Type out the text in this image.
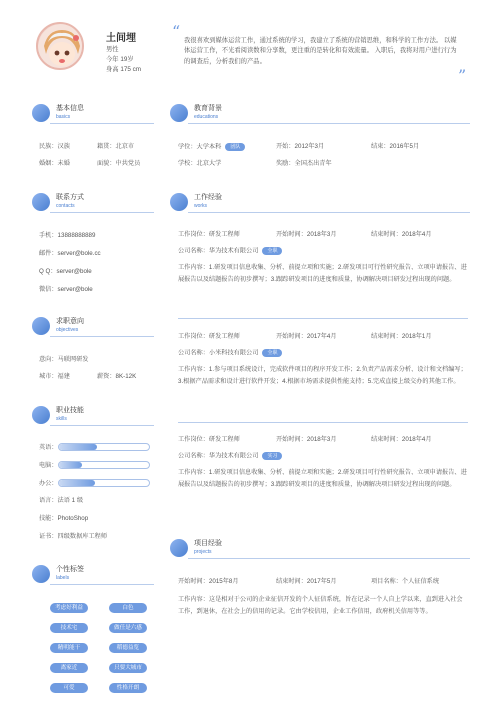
土间埋
男性
今年 19岁
身高 175 cm
“ 我很喜欢到媒体运营工作，通过系统的学习，我建立了系统的营销思维，和科学的工作方法。 以媒体运营工作，不光看阅读数和分享数，更注重的是转化和有效流量。 入职后，我将对用户进行行为的调查后，分析我们的产品。
”
基本信息
basics
民族：汉族	籍贯：北京市
婚姻：未婚	面貌：中共党员
教育背景
educations
学位：大学本科 团队	开始：2012年3月	结束：2016年5月
学校：北京大学	奖励：全国杰出青年
联系方式
contacts
手机：13888888889
邮件：server@bole.cc
Q Q：server@bole
微信：server@bole
工作经验
works
工作岗位：研发工程师	开始时间：2018年3月	结束时间：2018年4月
公司名称：华为技术有限公司 全职
工作内容：1.研发项目信息收集、分析、前提立项和实施；2.研发项目可行性研究报告、立项申请报告、进展报告以及结题报告的初步撰写；3.跟踪研发项目的进度和质量，协调解决项目研发过程出现的问题。
工作岗位：研发工程师	开始时间：2017年4月	结束时间：2018年1月
公司名称：小米科技有限公司 全职
工作内容：1.参与项目系统设计，完成软件项目的程序开发工作；2.负责产品需求分析、设计和文档编写；3.根据产品需求和设计进行软件开发；4.根据市场需求提供性能支持；5.完成直接上级交办的其他工作。
工作岗位：研发工程师	开始时间：2018年3月	结束时间：2018年4月
公司名称：华为技术有限公司 实习
工作内容：1.研发项目信息收集、分析、前提立项和实施；2.研发项目可行性研究报告、立项申请报告、进展报告以及结题报告的初步撰写；3.跟踪研发项目的进度和质量，协调解决项目研发过程出现的问题。
求职意向
objectives
意向：马联网研发
城市：福建	薪资：8K-12K
职业技能
skills
英语：
电脑：
办公：
语言：法语 1 级
技能：PhotoShop
证书：四级数据库工程师
项目经验
projects
开始时间：2015年8月	结束时间：2017年5月	项目名称：个人征信系统
工作内容：这是相对于公司的企业征信开发的个人征信系统，旨在记录一个人自上学以来，直到进入社会工作，到退休，在社会上的信用的记录。它由学校信用，企业工作信用，政府机关信用等等。
个性标签
labels
考虑好利益	白色
技术宅	做任是六感
精明能干	稻德益览
离家近	只要大城市
可爱	性格开朗
